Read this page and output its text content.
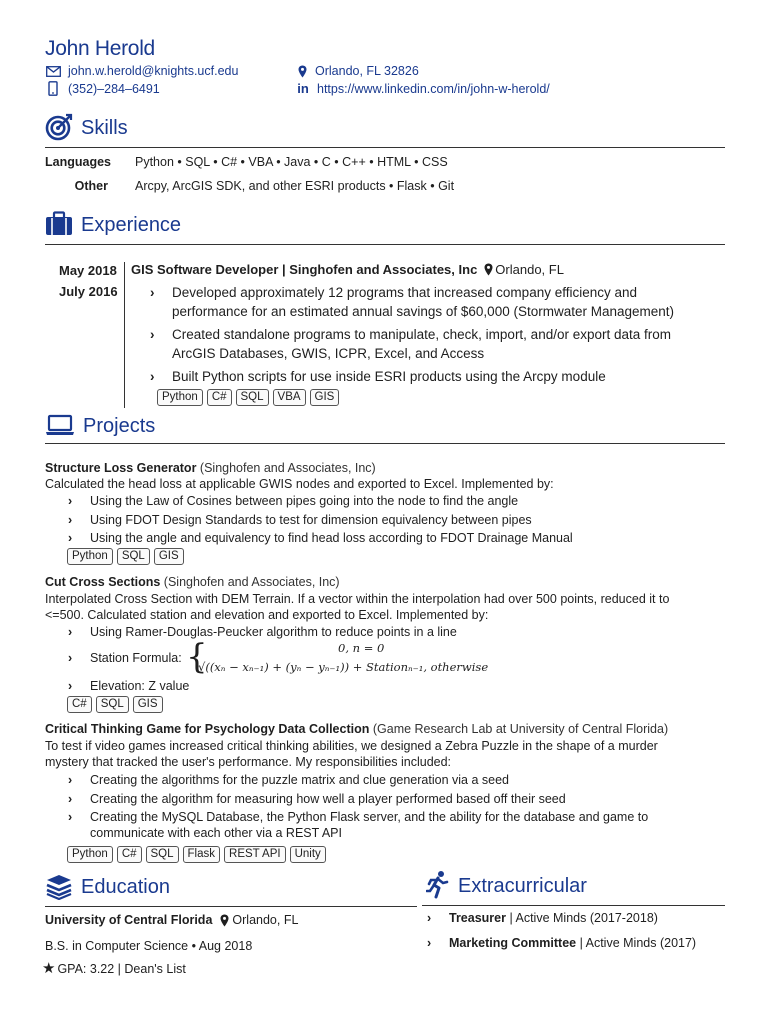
John Herold
john.w.herold@knights.ucf.edu
(352)–284–6491
Orlando, FL 32826
in https://www.linkedin.com/in/john-w-herold/
Skills
Languages	Python • SQL • C# • VBA • Java • C • C++ • HTML • CSS
Other Arcpy, ArcGIS SDK, and other ESRI products • Flask • Git
Experience
May 2018
July 2016
GIS Software Developer | Singhofen and Associates, Inc Orlando, FL
› Developed approximately 12 programs that increased company efficiency and
performance for an estimated annual savings of $60,000 (Stormwater Management)
› Created standalone programs to manipulate, check, import, and/or export data from
ArcGIS Databases, GWIS, ICPR, Excel, and Access
› Built Python scripts for use inside ESRI products using the Arcpy module
Python	C#	SQL	VBA	GIS
Projects
Structure Loss Generator (Singhofen and Associates, Inc)
Calculated the head loss at applicable GWIS nodes and exported to Excel. Implemented by:
› Using the Law of Cosines between pipes going into the node to find the angle
› Using FDOT Design Standards to test for dimension equivalency between pipes
› Using the angle and equivalency to find head loss according to FDOT Drainage Manual
Python	SQL	GIS
Cut Cross Sections (Singhofen and Associates, Inc)
Interpolated Cross Section with DEM Terrain. If a vector within the interpolation had over 500 points, reduced it to
<=500. Calculated station and elevation and exported to Excel. Implemented by:
› Using Ramer-Douglas-Peucker algorithm to reduce points in a line
› Station Formula: {	0, n = 0
√((xₙ − xₙ₋₁) + (yₙ − yₙ₋₁)) + Stationₙ₋₁, otherwise
› Elevation: Z value
C#	SQL	GIS
Critical Thinking Game for Psychology Data Collection (Game Research Lab at University of Central Florida)
To test if video games increased critical thinking abilities, we designed a Zebra Puzzle in the shape of a murder
mystery that tracked the user's performance. My responsibilities included:
› Creating the algorithms for the puzzle matrix and clue generation via a seed
› Creating the algorithm for measuring how well a player performed based off their seed
› Creating the MySQL Database, the Python Flask server, and the ability for the database and game to
communicate with each other via a REST API
Python	C#	SQL	Flask	REST API	Unity
Education
University of Central Florida Orlando, FL
B.S. in Computer Science • Aug 2018
★ GPA: 3.22 | Dean's List
Extracurricular
› Treasurer | Active Minds (2017-2018)
› Marketing Committee | Active Minds (2017)
